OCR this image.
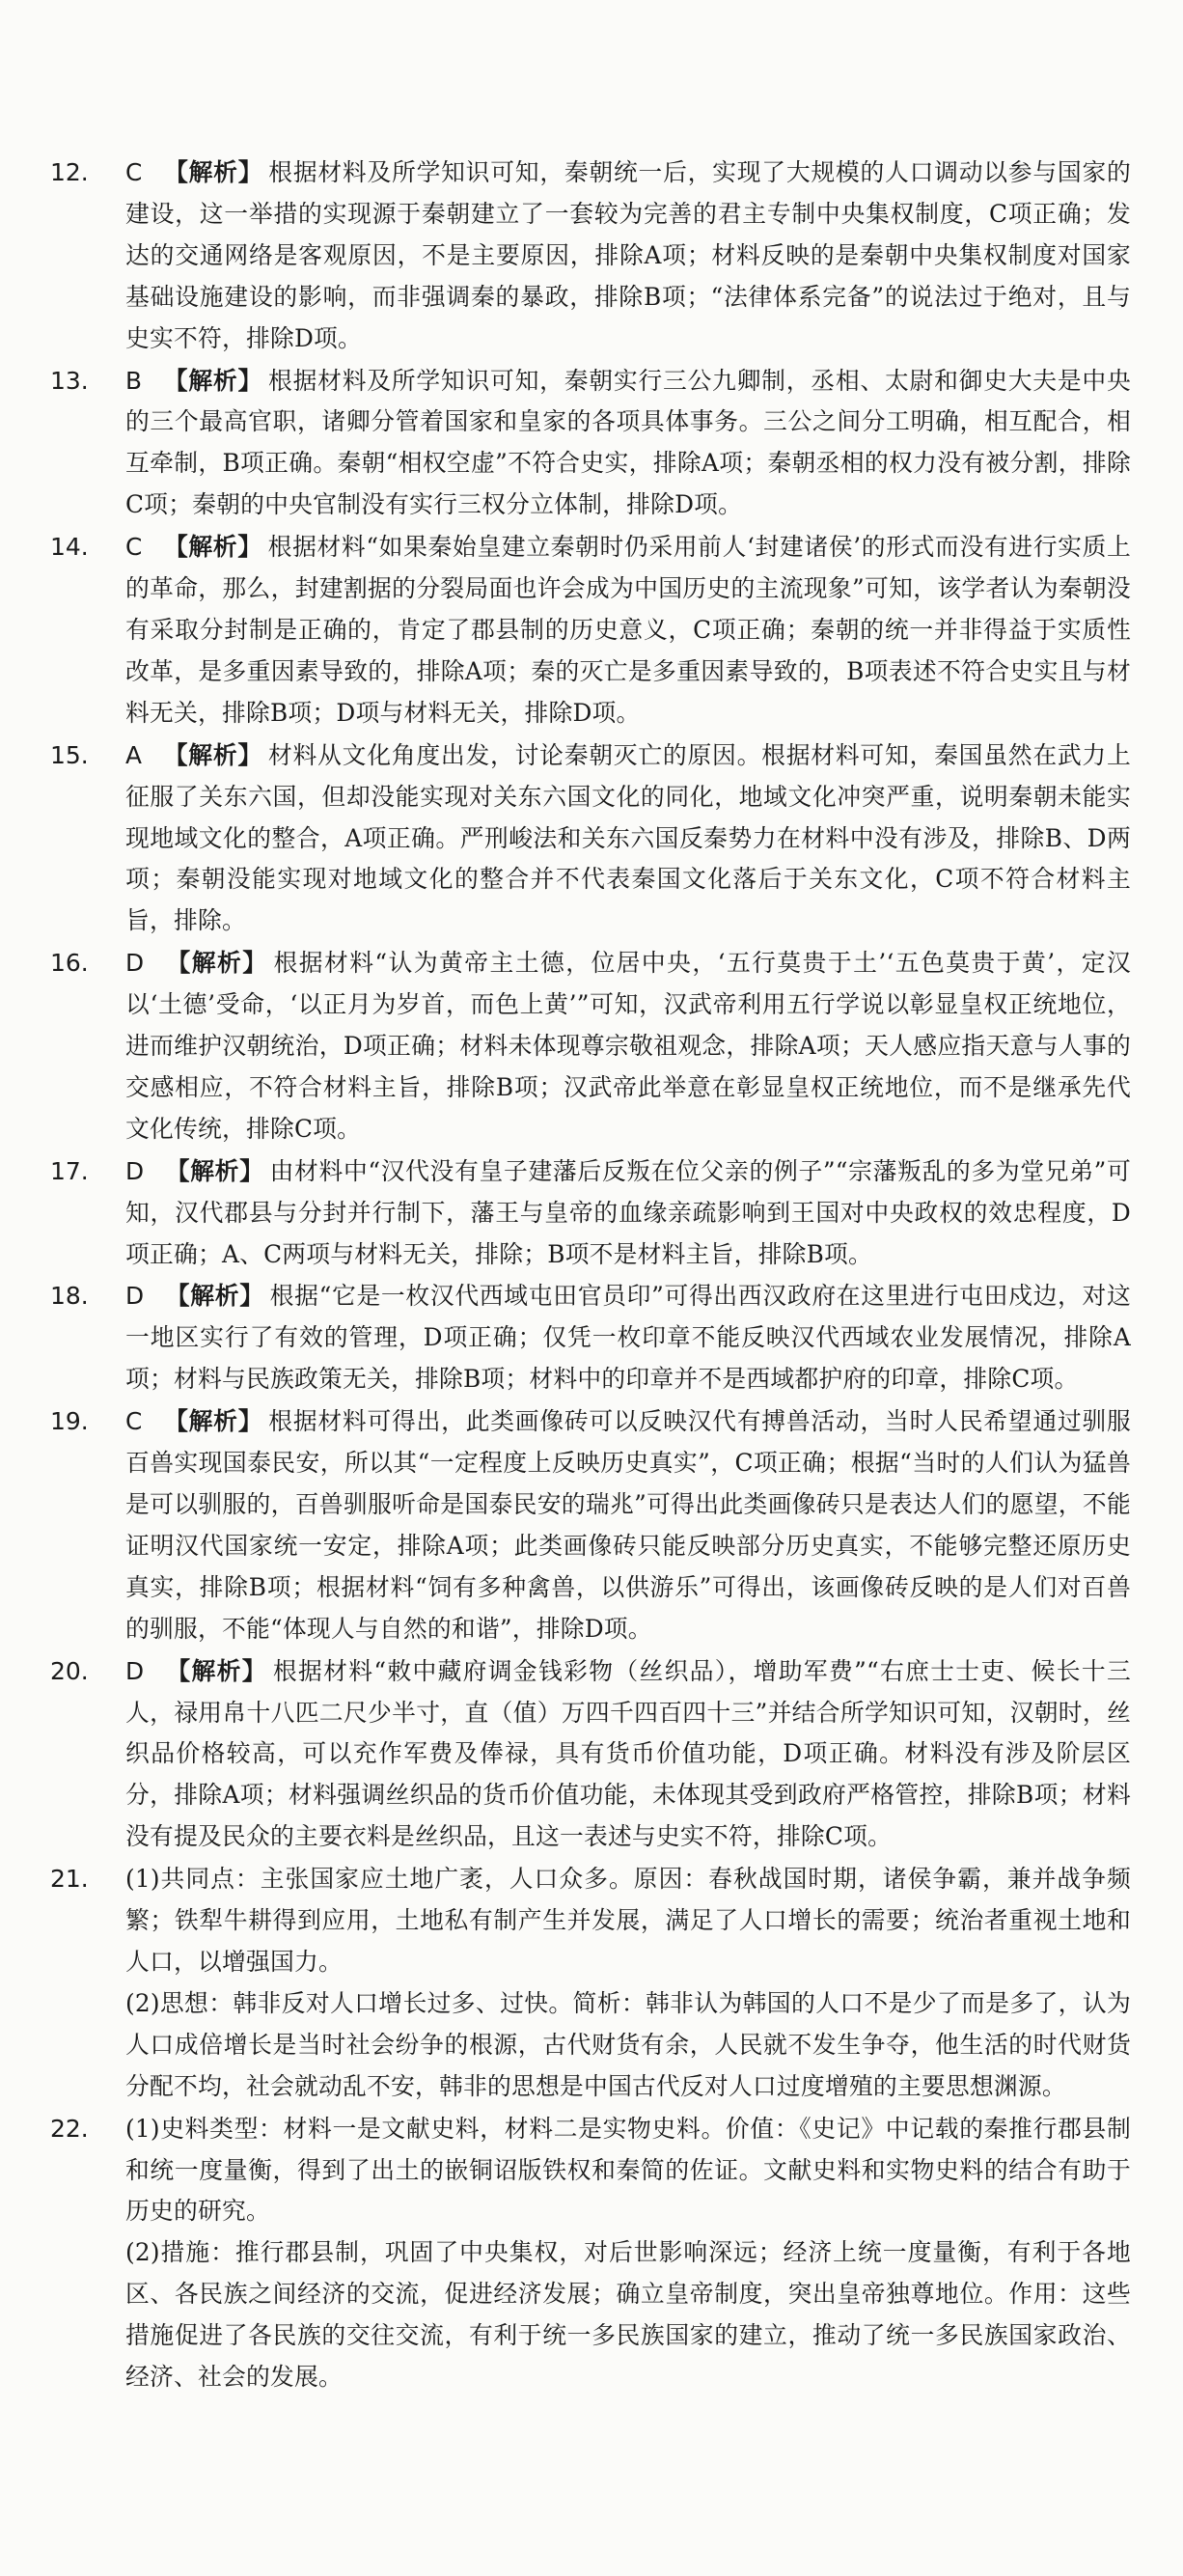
12. C 【解析】 根据材料及所学知识可知，秦朝统一后，实现了大规模的人口调动以参与国家的建设，这一举措的实现源于秦朝建立了一套较为完善的君主专制中央集权制度，C项正确；发达的交通网络是客观原因，不是主要原因，排除A项；材料反映的是秦朝中央集权制度对国家基础设施建设的影响，而非强调秦的暴政，排除B项；“法律体系完备”的说法过于绝对，且与史实不符，排除D项。

13. B 【解析】 根据材料及所学知识可知，秦朝实行三公九卿制，丞相、太尉和御史大夫是中央的三个最高官职，诸卿分管着国家和皇家的各项具体事务。三公之间分工明确，相互配合，相互牵制，B项正确。秦朝“相权空虚”不符合史实，排除A项；秦朝丞相的权力没有被分割，排除C项；秦朝的中央官制没有实行三权分立体制，排除D项。

14. C 【解析】 根据材料“如果秦始皇建立秦朝时仍采用前人‘封建诸侯’的形式而没有进行实质上的革命，那么，封建割据的分裂局面也许会成为中国历史的主流现象”可知，该学者认为秦朝没有采取分封制是正确的，肯定了郡县制的历史意义，C项正确；秦朝的统一并非得益于实质性改革，是多重因素导致的，排除A项；秦的灭亡是多重因素导致的，B项表述不符合史实且与材料无关，排除B项；D项与材料无关，排除D项。

15. A 【解析】 材料从文化角度出发，讨论秦朝灭亡的原因。根据材料可知，秦国虽然在武力上征服了关东六国，但却没能实现对关东六国文化的同化，地域文化冲突严重，说明秦朝未能实现地域文化的整合，A项正确。严刑峻法和关东六国反秦势力在材料中没有涉及，排除B、D两项；秦朝没能实现对地域文化的整合并不代表秦国文化落后于关东文化，C项不符合材料主旨，排除。

16. D 【解析】 根据材料“认为黄帝主土德，位居中央，‘五行莫贵于土’‘五色莫贵于黄’，定汉以‘土德’受命，‘以正月为岁首，而色上黄’”可知，汉武帝利用五行学说以彰显皇权正统地位，进而维护汉朝统治，D项正确；材料未体现尊宗敬祖观念，排除A项；天人感应指天意与人事的交感相应，不符合材料主旨，排除B项；汉武帝此举意在彰显皇权正统地位，而不是继承先代文化传统，排除C项。

17. D 【解析】 由材料中“汉代没有皇子建藩后反叛在位父亲的例子”“宗藩叛乱的多为堂兄弟”可知，汉代郡县与分封并行制下，藩王与皇帝的血缘亲疏影响到王国对中央政权的效忠程度，D项正确；A、C两项与材料无关，排除；B项不是材料主旨，排除B项。

18. D 【解析】 根据“它是一枚汉代西域屯田官员印”可得出西汉政府在这里进行屯田戍边，对这一地区实行了有效的管理，D项正确；仅凭一枚印章不能反映汉代西域农业发展情况，排除A项；材料与民族政策无关，排除B项；材料中的印章并不是西域都护府的印章，排除C项。

19. C 【解析】 根据材料可得出，此类画像砖可以反映汉代有搏兽活动，当时人民希望通过驯服百兽实现国泰民安，所以其“一定程度上反映历史真实”，C项正确；根据“当时的人们认为猛兽是可以驯服的，百兽驯服听命是国泰民安的瑞兆”可得出此类画像砖只是表达人们的愿望，不能证明汉代国家统一安定，排除A项；此类画像砖只能反映部分历史真实，不能够完整还原历史真实，排除B项；根据材料“饲有多种禽兽，以供游乐”可得出，该画像砖反映的是人们对百兽的驯服，不能“体现人与自然的和谐”，排除D项。

20. D 【解析】 根据材料“敕中藏府调金钱彩物（丝织品），增助军费”“右庶士士吏、候长十三人，禄用帛十八匹二尺少半寸，直（值）万四千四百四十三”并结合所学知识可知，汉朝时，丝织品价格较高，可以充作军费及俸禄，具有货币价值功能，D项正确。材料没有涉及阶层区分，排除A项；材料强调丝织品的货币价值功能，未体现其受到政府严格管控，排除B项；材料没有提及民众的主要衣料是丝织品，且这一表述与史实不符，排除C项。

21. (1)共同点：主张国家应土地广袤，人口众多。原因：春秋战国时期，诸侯争霸，兼并战争频繁；铁犁牛耕得到应用，土地私有制产生并发展，满足了人口增长的需要；统治者重视土地和人口，以增强国力。

(2)思想：韩非反对人口增长过多、过快。简析：韩非认为韩国的人口不是少了而是多了，认为人口成倍增长是当时社会纷争的根源，古代财货有余，人民就不发生争夺，他生活的时代财货分配不均，社会就动乱不安，韩非的思想是中国古代反对人口过度增殖的主要思想渊源。

22. (1)史料类型：材料一是文献史料，材料二是实物史料。价值：《史记》中记载的秦推行郡县制和统一度量衡，得到了出土的嵌铜诏版铁权和秦简的佐证。文献史料和实物史料的结合有助于历史的研究。

(2)措施：推行郡县制，巩固了中央集权，对后世影响深远；经济上统一度量衡，有利于各地区、各民族之间经济的交流，促进经济发展；确立皇帝制度，突出皇帝独尊地位。作用：这些措施促进了各民族的交往交流，有利于统一多民族国家的建立，推动了统一多民族国家政治、经济、社会的发展。
